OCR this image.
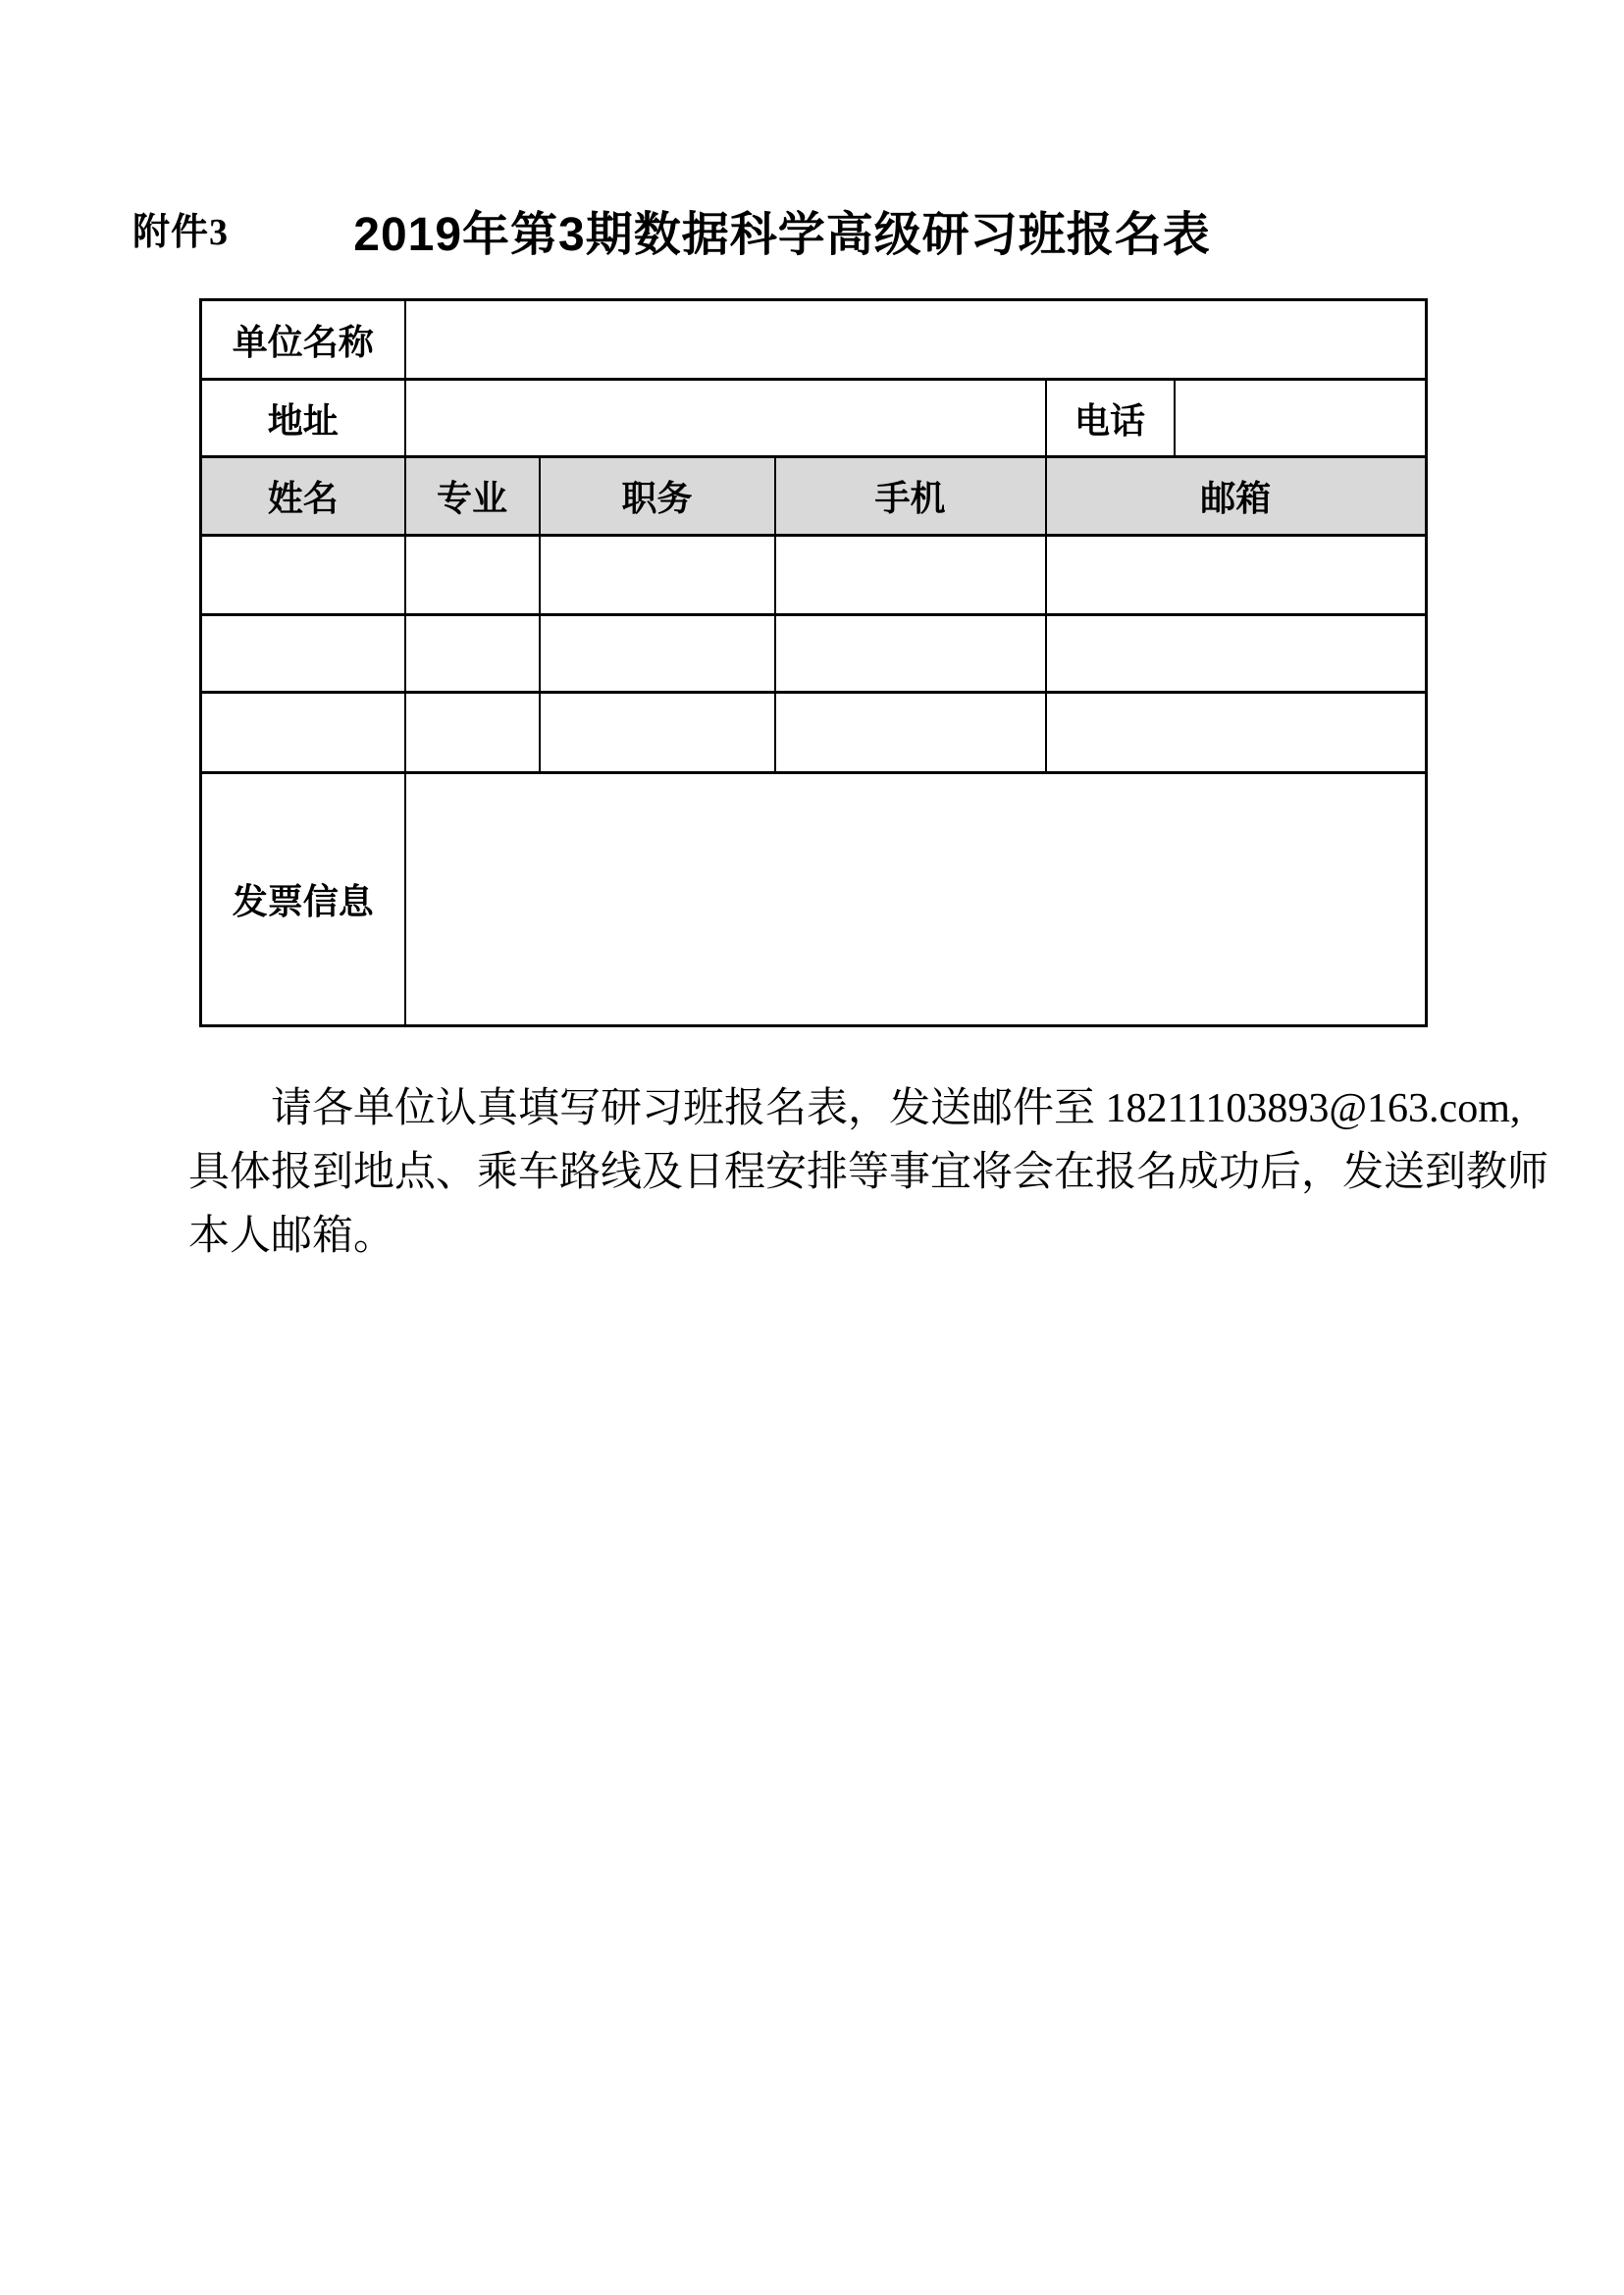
附件3	2019年第3期数据科学高级研习班报名表
单位名称					
地址				电话	
姓名	专业	职务	手机	邮箱	

发票信息					
请各单位认真填写研习班报名表，发送邮件至 18211103893@163.com,
具体报到地点、乘车路线及日程安排等事宜将会在报名成功后，发送到教师
本人邮箱。
